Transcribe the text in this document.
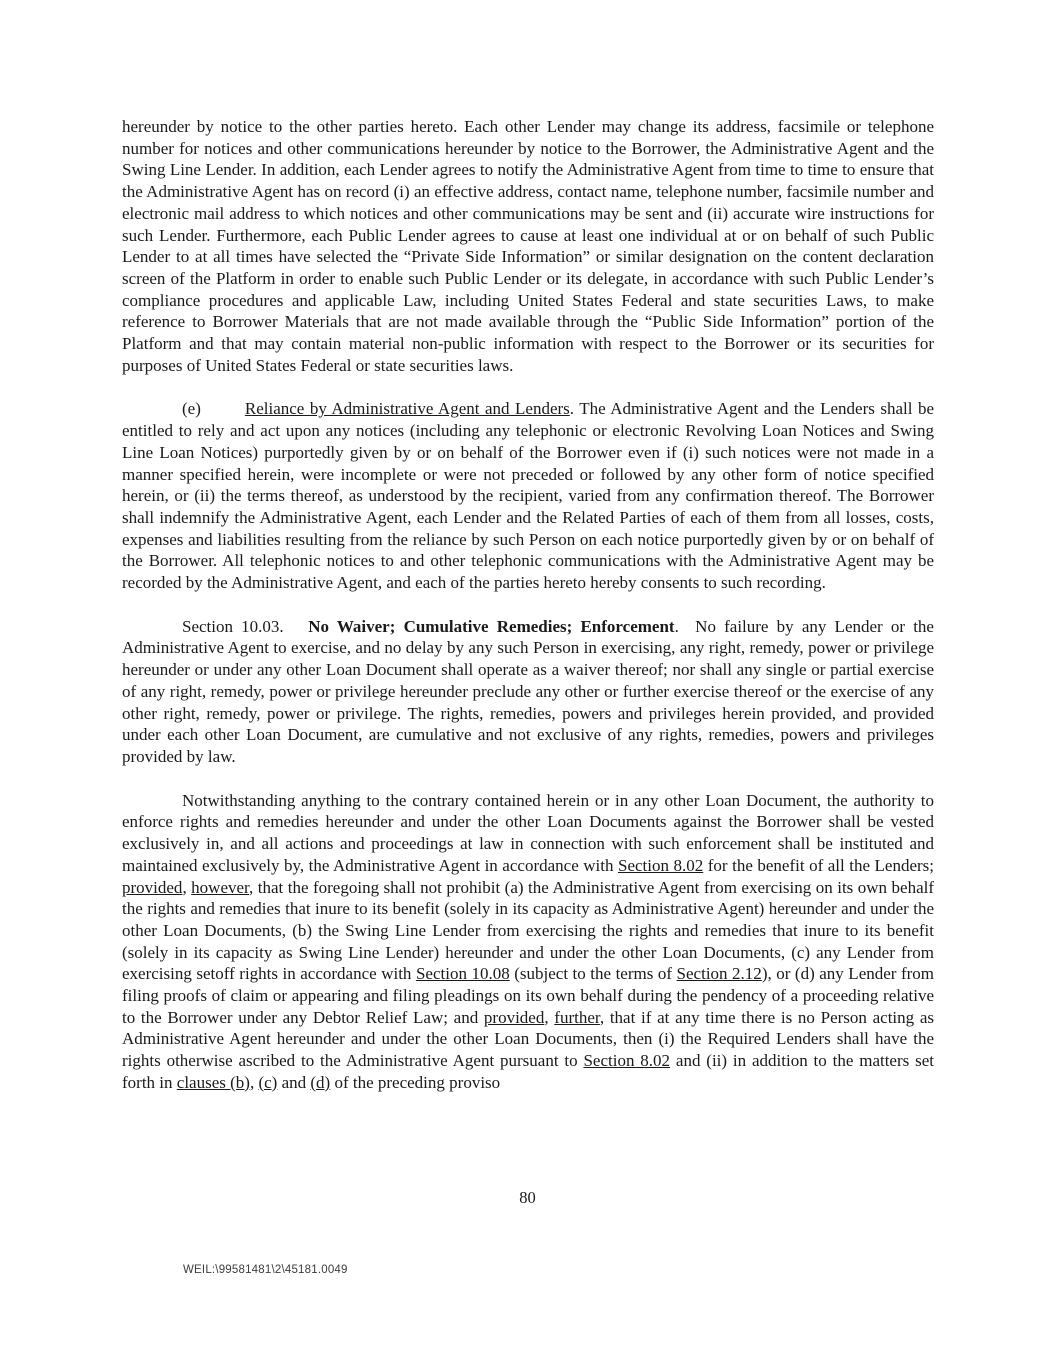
hereunder by notice to the other parties hereto. Each other Lender may change its address, facsimile or telephone number for notices and other communications hereunder by notice to the Borrower, the Administrative Agent and the Swing Line Lender. In addition, each Lender agrees to notify the Administrative Agent from time to time to ensure that the Administrative Agent has on record (i) an effective address, contact name, telephone number, facsimile number and electronic mail address to which notices and other communications may be sent and (ii) accurate wire instructions for such Lender. Furthermore, each Public Lender agrees to cause at least one individual at or on behalf of such Public Lender to at all times have selected the “Private Side Information” or similar designation on the content declaration screen of the Platform in order to enable such Public Lender or its delegate, in accordance with such Public Lender’s compliance procedures and applicable Law, including United States Federal and state securities Laws, to make reference to Borrower Materials that are not made available through the “Public Side Information” portion of the Platform and that may contain material non-public information with respect to the Borrower or its securities for purposes of United States Federal or state securities laws.

(e)        Reliance by Administrative Agent and Lenders. The Administrative Agent and the Lenders shall be entitled to rely and act upon any notices (including any telephonic or electronic Revolving Loan Notices and Swing Line Loan Notices) purportedly given by or on behalf of the Borrower even if (i) such notices were not made in a manner specified herein, were incomplete or were not preceded or followed by any other form of notice specified herein, or (ii) the terms thereof, as understood by the recipient, varied from any confirmation thereof. The Borrower shall indemnify the Administrative Agent, each Lender and the Related Parties of each of them from all losses, costs, expenses and liabilities resulting from the reliance by such Person on each notice purportedly given by or on behalf of the Borrower. All telephonic notices to and other telephonic communications with the Administrative Agent may be recorded by the Administrative Agent, and each of the parties hereto hereby consents to such recording.

Section 10.03.   No Waiver; Cumulative Remedies; Enforcement.  No failure by any Lender or the Administrative Agent to exercise, and no delay by any such Person in exercising, any right, remedy, power or privilege hereunder or under any other Loan Document shall operate as a waiver thereof; nor shall any single or partial exercise of any right, remedy, power or privilege hereunder preclude any other or further exercise thereof or the exercise of any other right, remedy, power or privilege. The rights, remedies, powers and privileges herein provided, and provided under each other Loan Document, are cumulative and not exclusive of any rights, remedies, powers and privileges provided by law.

Notwithstanding anything to the contrary contained herein or in any other Loan Document, the authority to enforce rights and remedies hereunder and under the other Loan Documents against the Borrower shall be vested exclusively in, and all actions and proceedings at law in connection with such enforcement shall be instituted and maintained exclusively by, the Administrative Agent in accordance with Section 8.02 for the benefit of all the Lenders; provided, however, that the foregoing shall not prohibit (a) the Administrative Agent from exercising on its own behalf the rights and remedies that inure to its benefit (solely in its capacity as Administrative Agent) hereunder and under the other Loan Documents, (b) the Swing Line Lender from exercising the rights and remedies that inure to its benefit (solely in its capacity as Swing Line Lender) hereunder and under the other Loan Documents, (c) any Lender from exercising setoff rights in accordance with Section 10.08 (subject to the terms of Section 2.12), or (d) any Lender from filing proofs of claim or appearing and filing pleadings on its own behalf during the pendency of a proceeding relative to the Borrower under any Debtor Relief Law; and provided, further, that if at any time there is no Person acting as Administrative Agent hereunder and under the other Loan Documents, then (i) the Required Lenders shall have the rights otherwise ascribed to the Administrative Agent pursuant to Section 8.02 and (ii) in addition to the matters set forth in clauses (b), (c) and (d) of the preceding proviso

80
WEIL:\99581481\2\45181.0049
